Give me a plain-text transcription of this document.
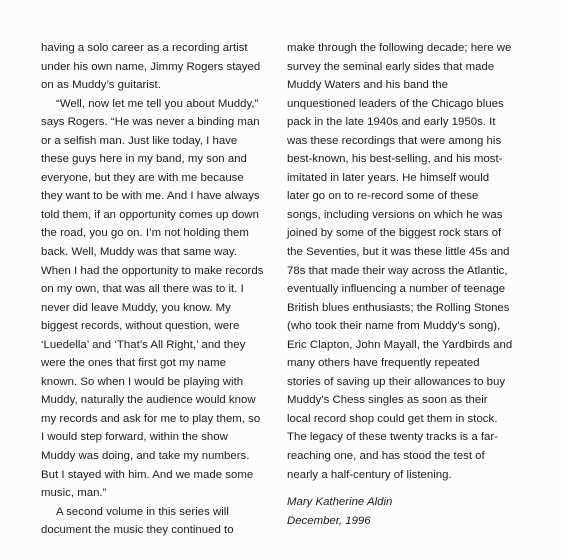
having a solo career as a recording artist
under his own name, Jimmy Rogers stayed
on as Muddy’s guitarist.
“Well, now let me tell you about Muddy,”
says Rogers. “He was never a binding man
or a selfish man. Just like today, I have
these guys here in my band, my son and
everyone, but they are with me because
they want to be with me. And I have always
told them, if an opportunity comes up down
the road, you go on. I’m not holding them
back. Well, Muddy was that same way.
When I had the opportunity to make records
on my own, that was all there was to it. I
never did leave Muddy, you know. My
biggest records, without question, were
‘Luedella’ and ‘That’s All Right,’ and they
were the ones that first got my name
known. So when I would be playing with
Muddy, naturally the audience would know
my records and ask for me to play them, so
I would step forward, within the show
Muddy was doing, and take my numbers.
But I stayed with him. And we made some
music, man.”
A second volume in this series will
document the music they continued to
make through the following decade; here we
survey the seminal early sides that made
Muddy Waters and his band the
unquestioned leaders of the Chicago blues
pack in the late 1940s and early 1950s. It
was these recordings that were among his
best-known, his best-selling, and his most-
imitated in later years. He himself would
later go on to re-record some of these
songs, including versions on which he was
joined by some of the biggest rock stars of
the Seventies, but it was these little 45s and
78s that made their way across the Atlantic,
eventually influencing a number of teenage
British blues enthusiasts; the Rolling Stones
(who took their name from Muddy’s song),
Eric Clapton, John Mayall, the Yardbirds and
many others have frequently repeated
stories of saving up their allowances to buy
Muddy’s Chess singles as soon as their
local record shop could get them in stock.
The legacy of these twenty tracks is a far-
reaching one, and has stood the test of
nearly a half-century of listening.
Mary Katherine Aldin
December, 1996
